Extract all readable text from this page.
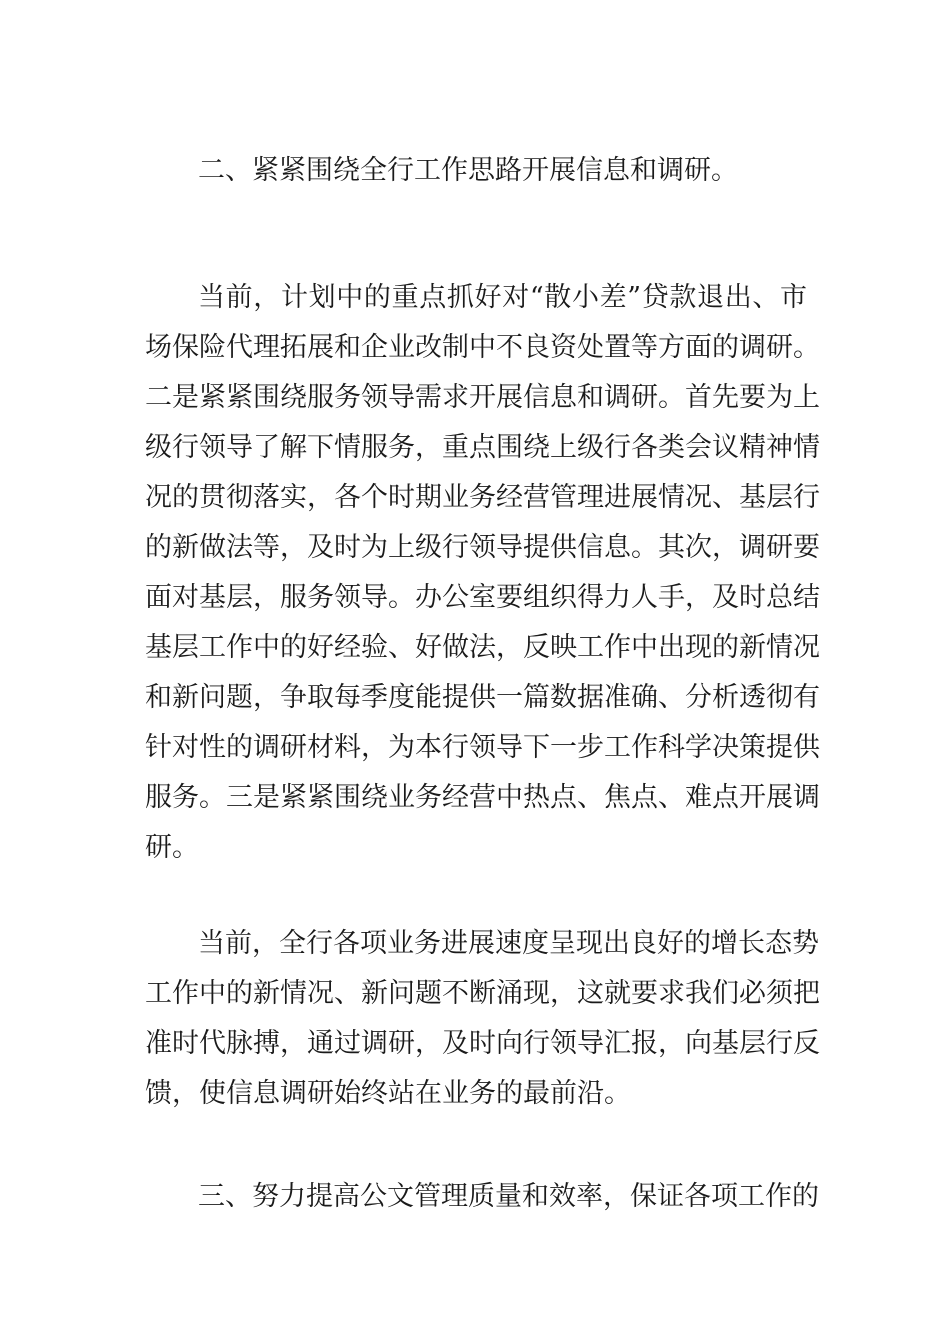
二、紧紧围绕全行工作思路开展信息和调研。
当前，计划中的重点抓好对“散小差”贷款退出、市
场保险代理拓展和企业改制中不良资处置等方面的调研。
二是紧紧围绕服务领导需求开展信息和调研。首先要为上
级行领导了解下情服务，重点围绕上级行各类会议精神情
况的贯彻落实，各个时期业务经营管理进展情况、基层行
的新做法等，及时为上级行领导提供信息。其次，调研要
面对基层，服务领导。办公室要组织得力人手，及时总结
基层工作中的好经验、好做法，反映工作中出现的新情况
和新问题，争取每季度能提供一篇数据准确、分析透彻有
针对性的调研材料，为本行领导下一步工作科学决策提供
服务。三是紧紧围绕业务经营中热点、焦点、难点开展调
研。
当前，全行各项业务进展速度呈现出良好的增长态势
工作中的新情况、新问题不断涌现，这就要求我们必须把
准时代脉搏，通过调研，及时向行领导汇报，向基层行反
馈，使信息调研始终站在业务的最前沿。
三、努力提高公文管理质量和效率，保证各项工作的
